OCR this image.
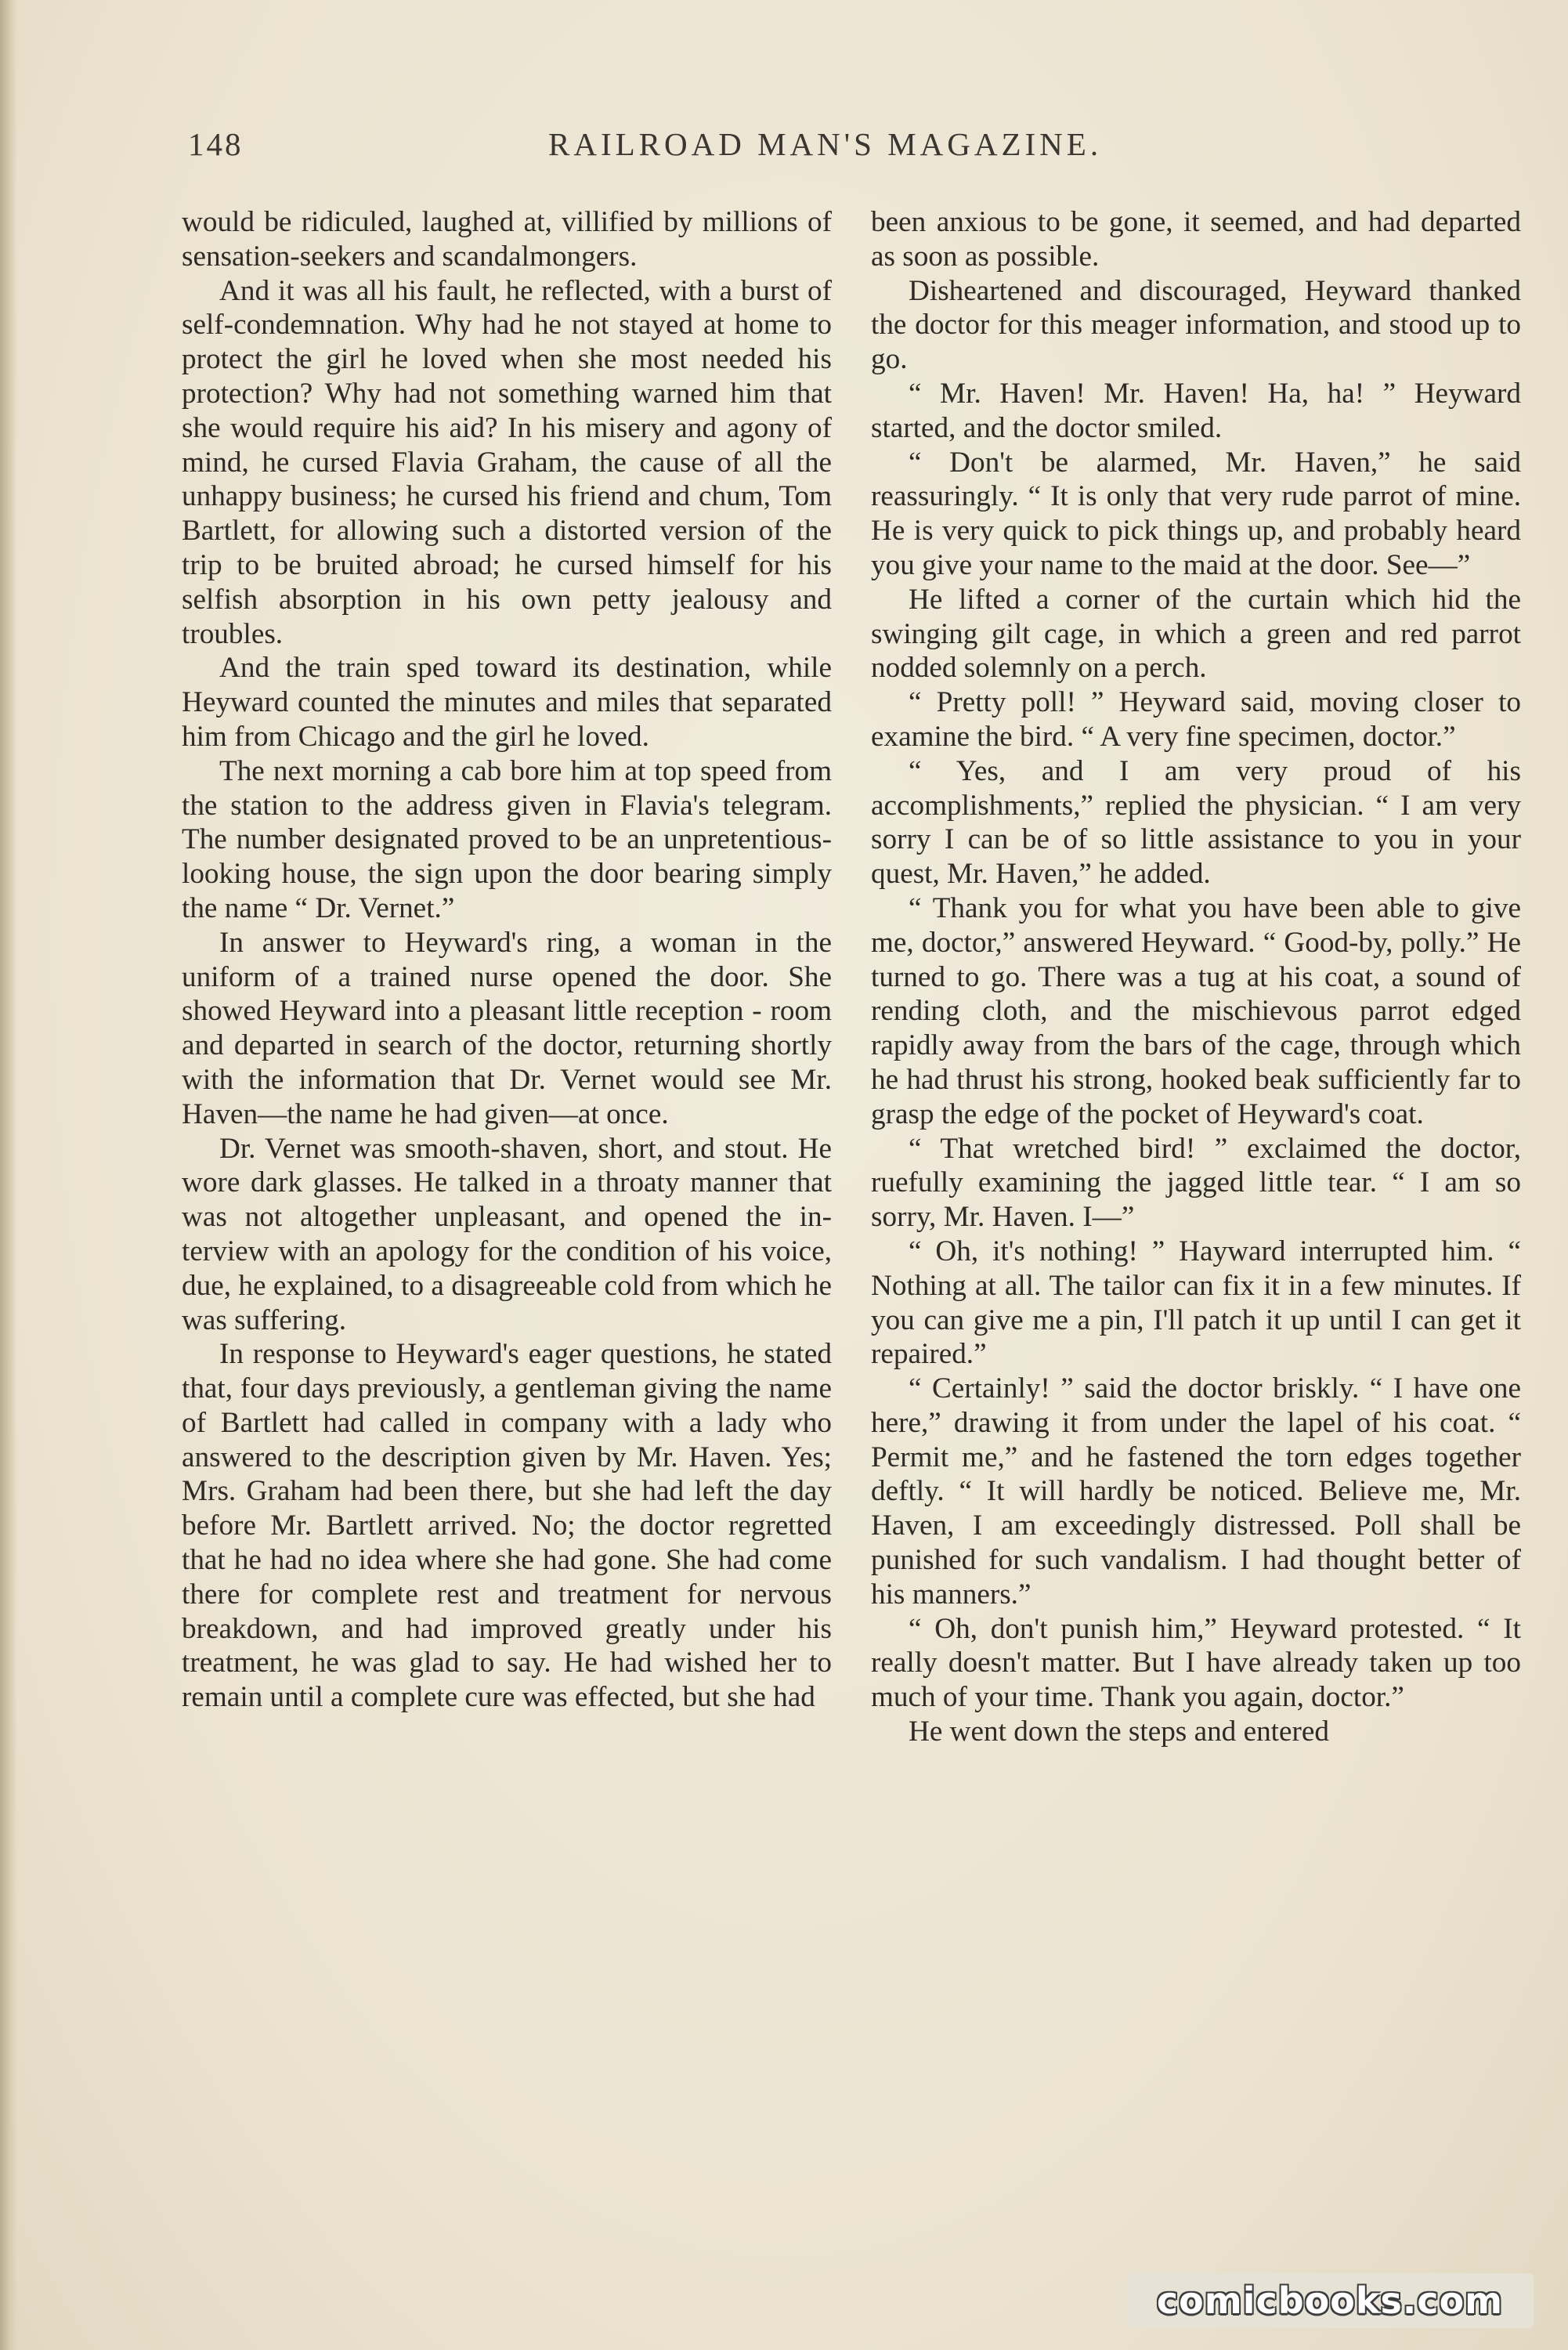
148	RAILROAD MAN'S MAGAZINE.

would be ridiculed, laughed at, villified by millions of sensation-seekers and scandalmongers.

And it was all his fault, he reflected, with a burst of self-condemnation. Why had he not stayed at home to protect the girl he loved when she most needed his protection? Why had not something warned him that she would require his aid? In his misery and agony of mind, he cursed Flavia Graham, the cause of all the unhappy business; he cursed his friend and chum, Tom Bartlett, for allowing such a distorted version of the trip to be bruited abroad; he cursed himself for his selfish absorption in his own petty jealousy and troubles.

And the train sped toward its destination, while Heyward counted the minutes and miles that separated him from Chicago and the girl he loved.

The next morning a cab bore him at top speed from the station to the address given in Flavia's telegram. The number designated proved to be an unpretentious-looking house, the sign upon the door bearing simply the name “ Dr. Vernet.”

In answer to Heyward's ring, a woman in the uniform of a trained nurse opened the door. She showed Heyward into a pleasant little reception - room and departed in search of the doctor, returning shortly with the information that Dr. Vernet would see Mr. Haven—the name he had given—at once.

Dr. Vernet was smooth-shaven, short, and stout. He wore dark glasses. He talked in a throaty manner that was not altogether unpleasant, and opened the interview with an apology for the condition of his voice, due, he explained, to a disagreeable cold from which he was suffering.

In response to Heyward's eager questions, he stated that, four days previously, a gentleman giving the name of Bartlett had called in company with a lady who answered to the description given by Mr. Haven. Yes; Mrs. Graham had been there, but she had left the day before Mr. Bartlett arrived. No; the doctor regretted that he had no idea where she had gone. She had come there for complete rest and treatment for nervous breakdown, and had improved greatly under his treatment, he was glad to say. He had wished her to remain until a complete cure was effected, but she had

been anxious to be gone, it seemed, and had departed as soon as possible.

Disheartened and discouraged, Heyward thanked the doctor for this meager information, and stood up to go.

“ Mr. Haven! Mr. Haven! Ha, ha! ” Heyward started, and the doctor smiled.

“ Don't be alarmed, Mr. Haven,” he said reassuringly. “ It is only that very rude parrot of mine. He is very quick to pick things up, and probably heard you give your name to the maid at the door. See—”

He lifted a corner of the curtain which hid the swinging gilt cage, in which a green and red parrot nodded solemnly on a perch.

“ Pretty poll! ” Heyward said, moving closer to examine the bird. “ A very fine specimen, doctor.”

“ Yes, and I am very proud of his accomplishments,” replied the physician. “ I am very sorry I can be of so little assistance to you in your quest, Mr. Haven,” he added.

“ Thank you for what you have been able to give me, doctor,” answered Heyward. “ Good-by, polly.” He turned to go. There was a tug at his coat, a sound of rending cloth, and the mischievous parrot edged rapidly away from the bars of the cage, through which he had thrust his strong, hooked beak sufficiently far to grasp the edge of the pocket of Heyward's coat.

“ That wretched bird! ” exclaimed the doctor, ruefully examining the jagged little tear. “ I am so sorry, Mr. Haven. I—”

“ Oh, it's nothing! ” Hayward interrupted him. “ Nothing at all. The tailor can fix it in a few minutes. If you can give me a pin, I'll patch it up until I can get it repaired.”

“ Certainly! ” said the doctor briskly. “ I have one here,” drawing it from under the lapel of his coat. “ Permit me,” and he fastened the torn edges together deftly. “ It will hardly be noticed. Believe me, Mr. Haven, I am exceedingly distressed. Poll shall be punished for such vandalism. I had thought better of his manners.”

“ Oh, don't punish him,” Heyward protested. “ It really doesn't matter. But I have already taken up too much of your time. Thank you again, doctor.”

He went down the steps and entered

comicbooks.com
